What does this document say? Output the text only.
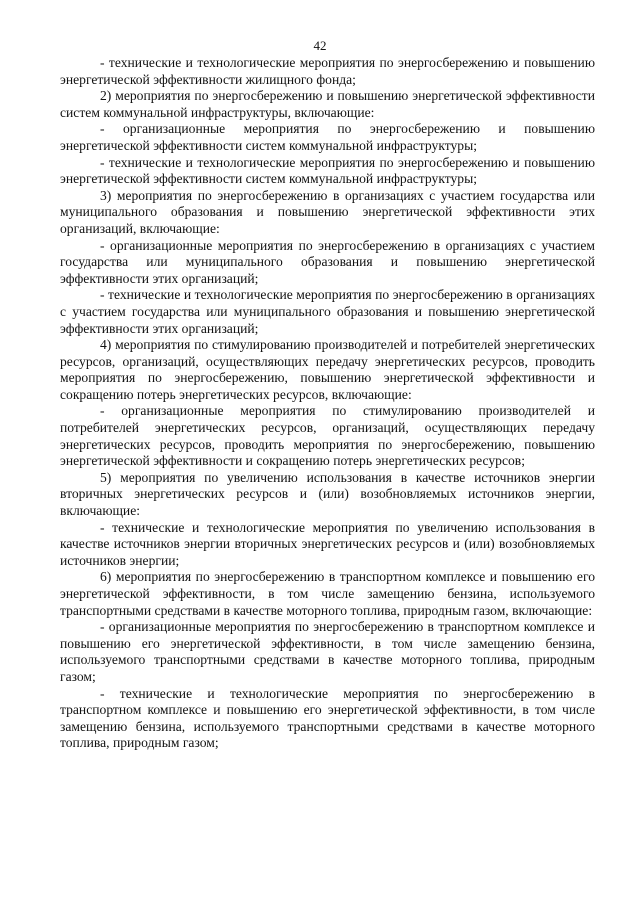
42

- технические и технологические мероприятия по энергосбережению и повышению энергетической эффективности жилищного фонда;

2) мероприятия по энергосбережению и повышению энергетической эффективности систем коммунальной инфраструктуры, включающие:

- организационные мероприятия по энергосбережению и повышению энергетической эффективности систем коммунальной инфраструктуры;

- технические и технологические мероприятия по энергосбережению и повышению энергетической эффективности систем коммунальной инфраструктуры;

3) мероприятия по энергосбережению в организациях с участием государства или муниципального образования и повышению энергетической эффективности этих организаций, включающие:

- организационные мероприятия по энергосбережению в организациях с участием государства или муниципального образования и повышению энергетической эффективности этих организаций;

- технические и технологические мероприятия по энергосбережению в организациях с участием государства или муниципального образования и повышению энергетической эффективности этих организаций;

4) мероприятия по стимулированию производителей и потребителей энергетических ресурсов, организаций, осуществляющих передачу энергетических ресурсов, проводить мероприятия по энергосбережению, повышению энергетической эффективности и сокращению потерь энергетических ресурсов, включающие:

- организационные мероприятия по стимулированию производителей и потребителей энергетических ресурсов, организаций, осуществляющих передачу энергетических ресурсов, проводить мероприятия по энергосбережению, повышению энергетической эффективности и сокращению потерь энергетических ресурсов;

5) мероприятия по увеличению использования в качестве источников энергии вторичных энергетических ресурсов и (или) возобновляемых источников энергии, включающие:

- технические и технологические мероприятия по увеличению использования в качестве источников энергии вторичных энергетических ресурсов и (или) возобновляемых источников энергии;

6) мероприятия по энергосбережению в транспортном комплексе и повышению его энергетической эффективности, в том числе замещению бензина, используемого транспортными средствами в качестве моторного топлива, природным газом, включающие:

- организационные мероприятия по энергосбережению в транспортном комплексе и повышению его энергетической эффективности, в том числе замещению бензина, используемого транспортными средствами в качестве моторного топлива, природным газом;

- технические и технологические мероприятия по энергосбережению в транспортном комплексе и повышению его энергетической эффективности, в том числе замещению бензина, используемого транспортными средствами в качестве моторного топлива, природным газом;
